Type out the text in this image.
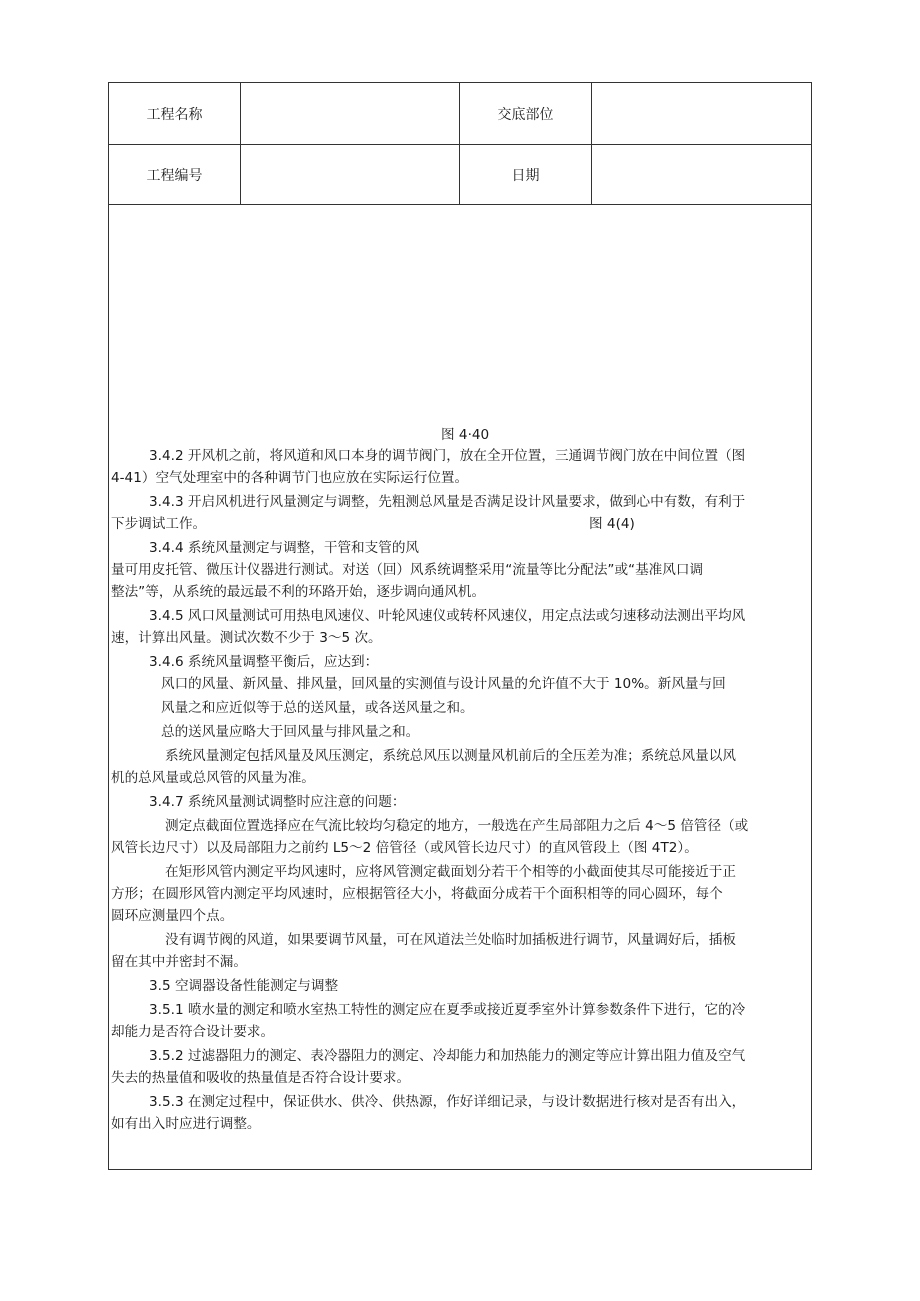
工程名称	交底部位
工程编号	日期
图 4·40
3.4.2 开风机之前，将风道和风口本身的调节阀门，放在全开位置，三通调节阀门放在中间位置（图
4-41）空气处理室中的各种调节门也应放在实际运行位置。
3.4.3 开启风机进行风量测定与调整，先粗测总风量是否满足设计风量要求，做到心中有数，有利于
下步调试工作。	图 4(4)
3.4.4 系统风量测定与调整，干管和支管的风
量可用皮托管、微压计仪器进行测试。对送（回）风系统调整采用“流量等比分配法”或“基准风口调
整法”等，从系统的最远最不利的环路开始，逐步调向通风机。
3.4.5 风口风量测试可用热电风速仪、叶轮风速仪或转杯风速仪，用定点法或匀速移动法测出平均风
速，计算出风量。测试次数不少于 3～5 次。
3.4.6 系统风量调整平衡后，应达到：
风口的风量、新风量、排风量，回风量的实测值与设计风量的允许值不大于 10%。新风量与回
风量之和应近似等于总的送风量，或各送风量之和。
总的送风量应略大于回风量与排风量之和。
系统风量测定包括风量及风压测定，系统总风压以测量风机前后的全压差为准；系统总风量以风
机的总风量或总风管的风量为准。
3.4.7 系统风量测试调整时应注意的问题：
测定点截面位置选择应在气流比较均匀稳定的地方，一般选在产生局部阻力之后 4～5 倍管径（或
风管长边尺寸）以及局部阻力之前约 L5～2 倍管径（或风管长边尺寸）的直风管段上（图 4T2）。
在矩形风管内测定平均风速时，应将风管测定截面划分若干个相等的小截面使其尽可能接近于正
方形；在圆形风管内测定平均风速时，应根据管径大小，将截面分成若干个面积相等的同心圆环，每个
圆环应测量四个点。
没有调节阀的风道，如果要调节风量，可在风道法兰处临时加插板进行调节，风量调好后，插板
留在其中并密封不漏。
3.5 空调器设备性能测定与调整
3.5.1 喷水量的测定和喷水室热工特性的测定应在夏季或接近夏季室外计算参数条件下进行，它的冷
却能力是否符合设计要求。
3.5.2 过滤器阻力的测定、表冷器阻力的测定、冷却能力和加热能力的测定等应计算出阻力值及空气
失去的热量值和吸收的热量值是否符合设计要求。
3.5.3 在测定过程中，保证供水、供冷、供热源，作好详细记录，与设计数据进行核对是否有出入，
如有出入时应进行调整。
